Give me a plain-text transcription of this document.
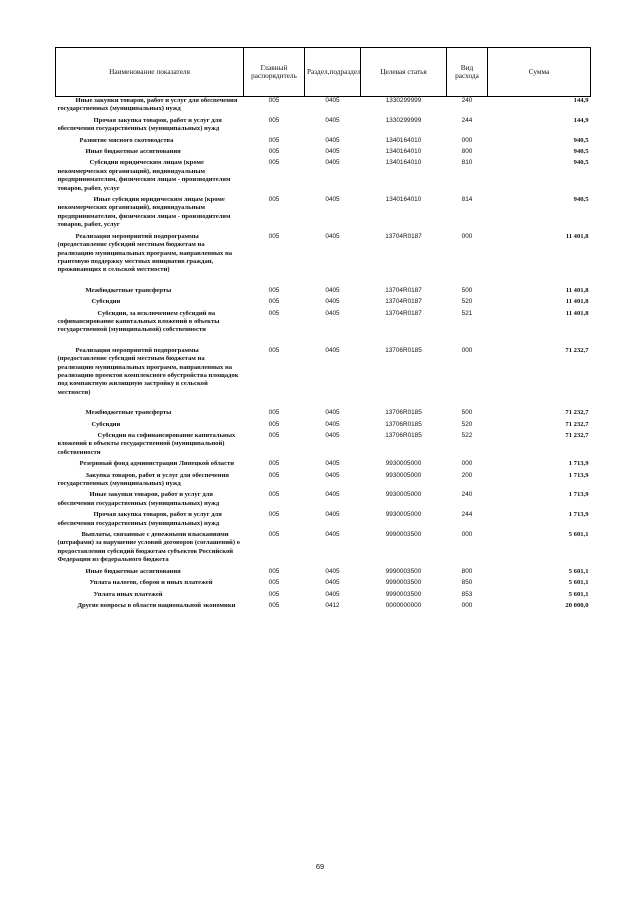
Наименование показателя	Главный распорядитель	Раздел,подраздел	Целевая статья	Вид расхода	Сумма
Иные закупки товаров, работ и услуг для обеспечения государственных (муниципальных) нужд	005	0405	1330299999	240	144,9
Прочая закупка товаров, работ и услуг для обеспечения государственных (муниципальных) нужд	005	0405	1330299999	244	144,9
Развитие мясного скотоводства	005	0405	1340164010	000	940,5
Иные бюджетные ассигнования	005	0405	1340164010	800	940,5
Субсидии юридическим лицам (кроме некоммерческих организаций), индивидуальным предпринимателям, физическим лицам - производителям товаров, работ, услуг	005	0405	1340164010	810	940,5
Иные субсидии юридическим лицам (кроме некоммерческих организаций), индивидуальным предпринимателям, физическим лицам - производителям товаров, работ, услуг	005	0405	1340164010	814	940,5
Реализация мероприятий подпрограммы (предоставление субсидий местным бюджетам на реализацию муниципальных программ, направленных на грантовую поддержку местных инициатив граждан, проживающих в сельской местности)	005	0405	13704R0187	000	11 401,8
Межбюджетные трансферты	005	0405	13704R0187	500	11 401,8
Субсидии	005	0405	13704R0187	520	11 401,8
Субсидии, за исключением субсидий на софинансирование капитальных вложений в объекты государственной (муниципальной) собственности	005	0405	13704R0187	521	11 401,8
Реализация мероприятий подпрограммы (предоставление субсидий местным бюджетам на реализацию муниципальных программ, направленных на реализацию проектов комплексного обустройства площадок под компактную жилищную застройку в сельской местности)	005	0405	13706R0185	000	71 232,7
Межбюджетные трансферты	005	0405	13706R0185	500	71 232,7
Субсидии	005	0405	13706R0185	520	71 232,7
Субсидии на софинансирование капитальных вложений в объекты государственной (муниципальной) собственности	005	0405	13706R0185	522	71 232,7
Резервный фонд администрации Липецкой области	005	0405	9930005000	000	1 713,9
Закупка товаров, работ и услуг для обеспечения государственных (муниципальных) нужд	005	0405	9930005000	200	1 713,9
Иные закупки товаров, работ и услуг для обеспечения государственных (муниципальных) нужд	005	0405	9930005000	240	1 713,9
Прочая закупка товаров, работ и услуг для обеспечения государственных (муниципальных) нужд	005	0405	9930005000	244	1 713,9
Выплаты, связанные с денежными взысканиями (штрафами) за нарушение условий договоров (соглашений) о предоставлении субсидий бюджетам субъектов Российской Федерации из федерального бюджета	005	0405	9990003500	000	5 601,1
Иные бюджетные ассигнования	005	0405	9990003500	800	5 601,1
Уплата налогов, сборов и иных платежей	005	0405	9990003500	850	5 601,1
Уплата иных платежей	005	0405	9990003500	853	5 601,1
Другие вопросы в области национальной экономики	005	0412	0000000000	000	20 000,0
69
